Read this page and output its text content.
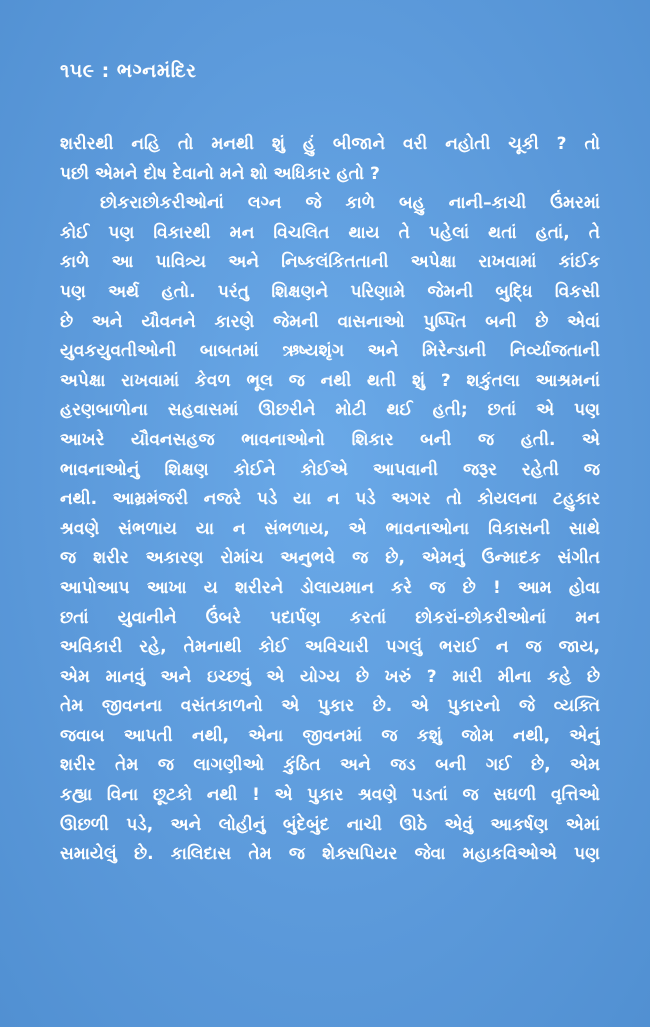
૧૫૯ : ભગ્નમંદિર
શરીરથી નહિ તો મનથી શું હું બીજાને વરી નહોતી ચૂકી ? તો
પછી એમને દોષ દેવાનો મને શો અધિકાર હતો ?
છોકરાછોકરીઓનાં લગ્ન જે કાળે બહુ નાની–કાચી ઉંમરમાં
કોઈ પણ વિકારથી મન વિચલિત થાય તે પહેલાં થતાં હતાં, તે
કાળે આ પાવિત્ર્ય અને નિષ્કલંકિતતાની અપેક્ષા રાખવામાં કાંઈક
પણ અર્થ હતો. પરંતુ શિક્ષણને પરિણામે જેમની બુદ્ધિ વિકસી
છે અને યૌવનને કારણે જેમની વાસનાઓ પુષ્પિત બની છે એવાં
યુવકયુવતીઓની બાબતમાં ઋષ્યશૃંગ અને મિરેન્ડાની નિર્વ્યાજતાની
અપેક્ષા રાખવામાં કેવળ ભૂલ જ નથી થતી શું ? શકુંતલા આશ્રમનાં
હરણબાળોના સહવાસમાં ઊછરીને મોટી થઈ હતી; છતાં એ પણ
આખરે યૌવનસહજ ભાવનાઓનો શિકાર બની જ હતી. એ
ભાવનાઓનું શિક્ષણ કોઈને કોઈએ આપવાની જરૂર રહેતી જ
નથી. આમ્રમંજરી નજરે પડે યા ન પડે અગર તો કોયલના ટહુકાર
શ્રવણે સંભળાય યા ન સંભળાય, એ ભાવનાઓના વિકાસની સાથે
જ શરીર અકારણ રોમાંચ અનુભવે જ છે, એમનું ઉન્માદક સંગીત
આપોઆપ આખા ય શરીરને ડોલાયમાન કરે જ છે ! આમ હોવા
છતાં યુવાનીને ઉંબરે પદાર્પણ કરતાં છોકરાં-છોકરીઓનાં મન
અવિકારી રહે, તેમનાથી કોઈ અવિચારી પગલું ભરાઈ ન જ જાય,
એમ માનવું અને ઇચ્છવું એ યોગ્ય છે ખરું ? મારી મીના કહે છે
તેમ જીવનના વસંતકાળનો એ પુકાર છે. એ પુકારનો જે વ્યક્તિ
જવાબ આપતી નથી, એના જીવનમાં જ કશું જોમ નથી, એનું
શરીર તેમ જ લાગણીઓ કુંઠિત અને જડ બની ગઈ છે, એમ
કહ્યા વિના છૂટકો નથી ! એ પુકાર શ્રવણે પડતાં જ સઘળી વૃત્તિઓ
ઊછળી પડે, અને લોહીનું બુંદેબુંદ નાચી ઊઠે એવું આકર્ષણ એમાં
સમાયેલું છે. કાલિદાસ તેમ જ શેક્સપિયર જેવા મહાકવિઓએ પણ
